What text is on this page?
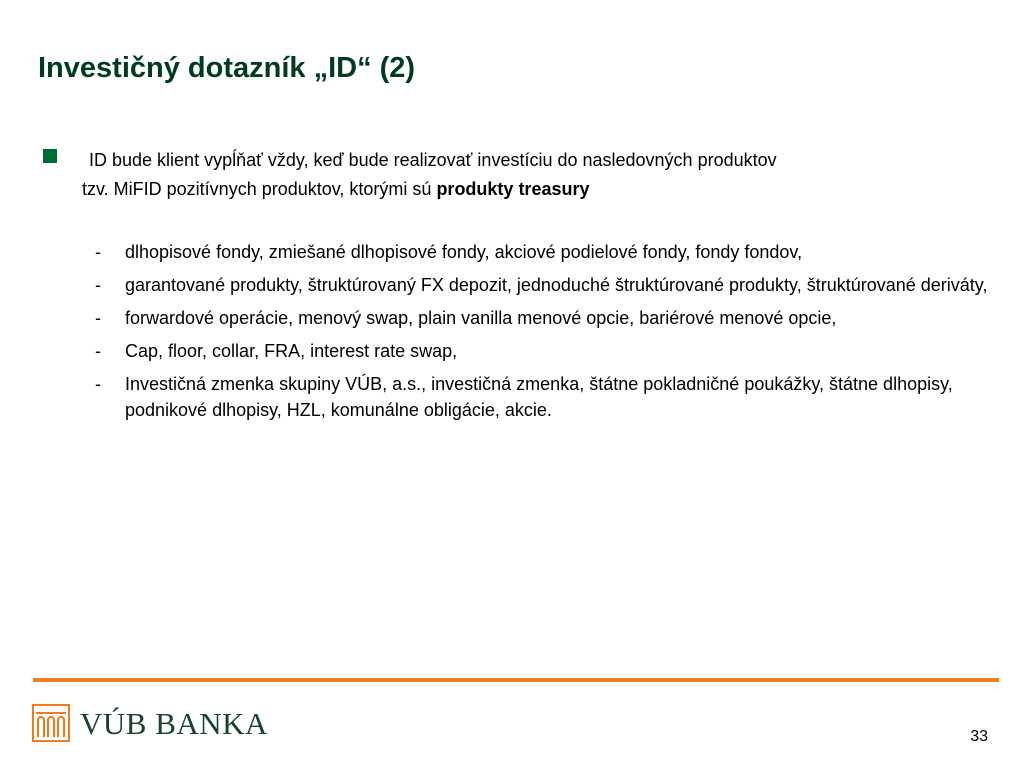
Investičný dotazník „ID“ (2)
ID bude klient vypĺňať vždy, keď bude realizovať investíciu do nasledovných produktov
tzv. MiFID pozitívnych produktov, ktorými sú produkty treasury
- dlhopisové fondy, zmiešané dlhopisové fondy, akciové podielové fondy, fondy fondov,
- garantované produkty, štruktúrovaný FX depozit, jednoduché štruktúrované produkty, štruktúrované deriváty,
- forwardové operácie, menový swap, plain vanilla menové opcie, bariérové menové opcie,
- Cap, floor, collar, FRA, interest rate swap,
- Investičná zmenka skupiny VÚB, a.s., investičná zmenka, štátne pokladničné poukážky, štátne dlhopisy, podnikové dlhopisy, HZL, komunálne obligácie, akcie.
VÚB BANKA	33
